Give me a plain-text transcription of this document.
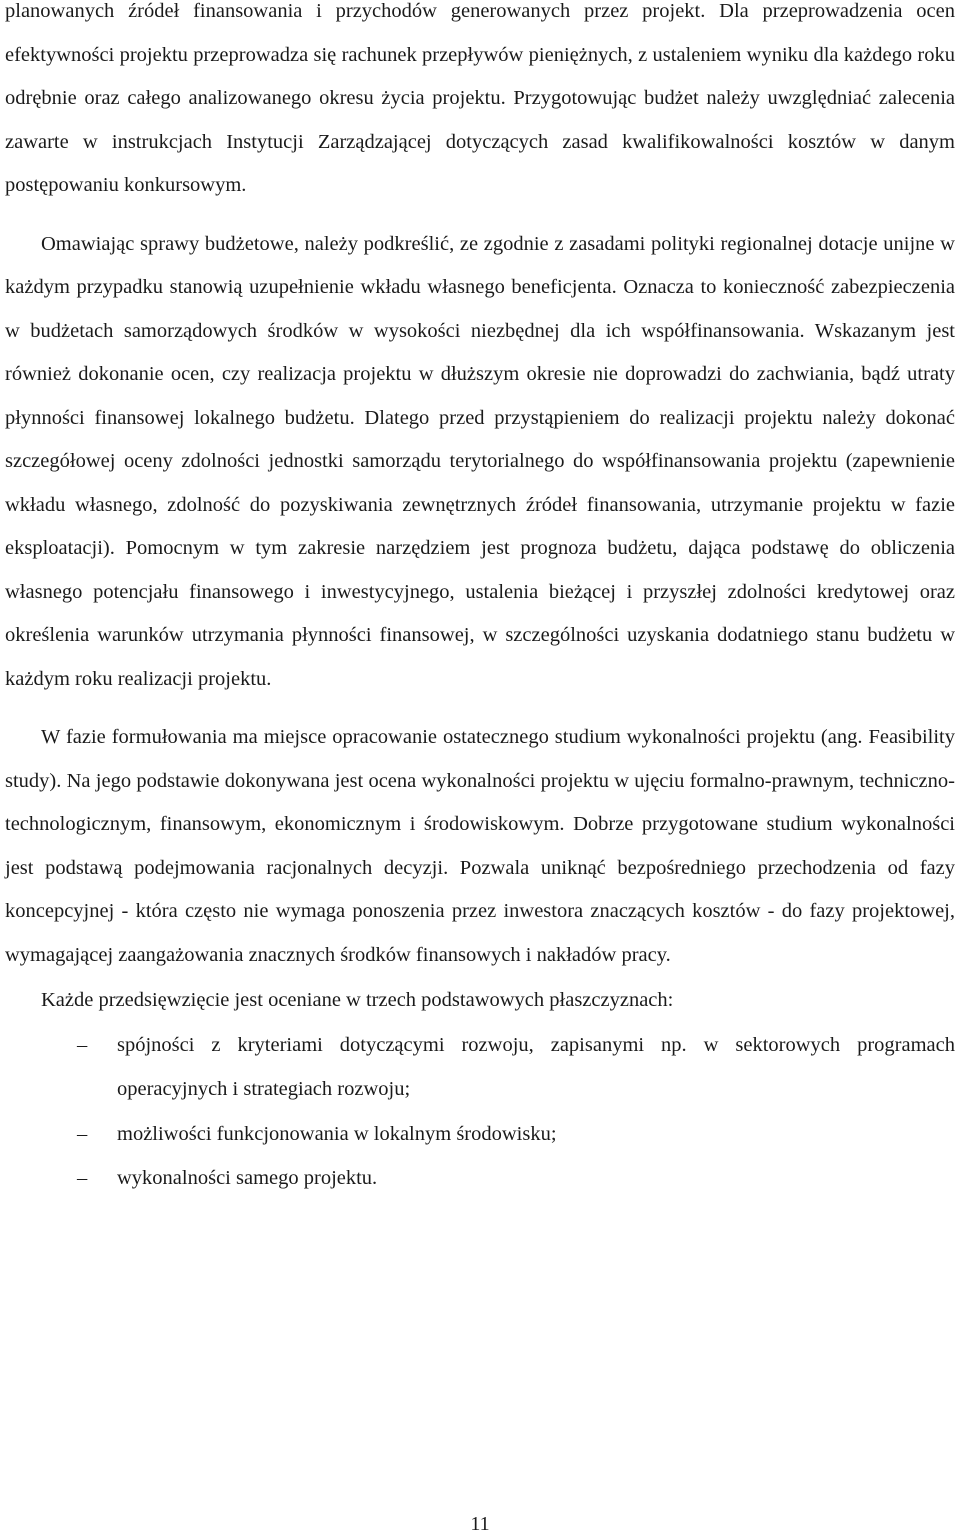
planowanych źródeł finansowania i przychodów generowanych przez projekt. Dla przeprowadzenia ocen efektywności projektu przeprowadza się rachunek przepływów pieniężnych, z ustaleniem wyniku dla każdego roku odrębnie oraz całego analizowanego okresu życia projektu. Przygotowując budżet należy uwzględniać zalecenia zawarte w instrukcjach Instytucji Zarządzającej dotyczących zasad kwalifikowalności kosztów w danym postępowaniu konkursowym.

Omawiając sprawy budżetowe, należy podkreślić, ze zgodnie z zasadami polityki regionalnej dotacje unijne w każdym przypadku stanowią uzupełnienie wkładu własnego beneficjenta. Oznacza to konieczność zabezpieczenia w budżetach samorządowych środków w wysokości niezbędnej dla ich współfinansowania. Wskazanym jest również dokonanie ocen, czy realizacja projektu w dłuższym okresie nie doprowadzi do zachwiania, bądź utraty płynności finansowej lokalnego budżetu. Dlatego przed przystąpieniem do realizacji projektu należy dokonać szczegółowej oceny zdolności jednostki samorządu terytorialnego do współfinansowania projektu (zapewnienie wkładu własnego, zdolność do pozyskiwania zewnętrznych źródeł finansowania, utrzymanie projektu w fazie eksploatacji). Pomocnym w tym zakresie narzędziem jest prognoza budżetu, dająca podstawę do obliczenia własnego potencjału finansowego i inwestycyjnego, ustalenia bieżącej i przyszłej zdolności kredytowej oraz określenia warunków utrzymania płynności finansowej, w szczególności uzyskania dodatniego stanu budżetu w każdym roku realizacji projektu.

W fazie formułowania ma miejsce opracowanie ostatecznego studium wykonalności projektu (ang. Feasibility study). Na jego podstawie dokonywana jest ocena wykonalności projektu w ujęciu formalno-prawnym, techniczno-technologicznym, finansowym, ekonomicznym i środowiskowym. Dobrze przygotowane studium wykonalności jest podstawą podejmowania racjonalnych decyzji. Pozwala uniknąć bezpośredniego przechodzenia od fazy koncepcyjnej - która często nie wymaga ponoszenia przez inwestora znaczących kosztów - do fazy projektowej, wymagającej zaangażowania znacznych środków finansowych i nakładów pracy.

Każde przedsięwzięcie jest oceniane w trzech podstawowych płaszczyznach:

–	spójności z kryteriami dotyczącymi rozwoju, zapisanymi np. w sektorowych programach operacyjnych i strategiach rozwoju;
–	możliwości funkcjonowania w lokalnym środowisku;
–	wykonalności samego projektu.
11
